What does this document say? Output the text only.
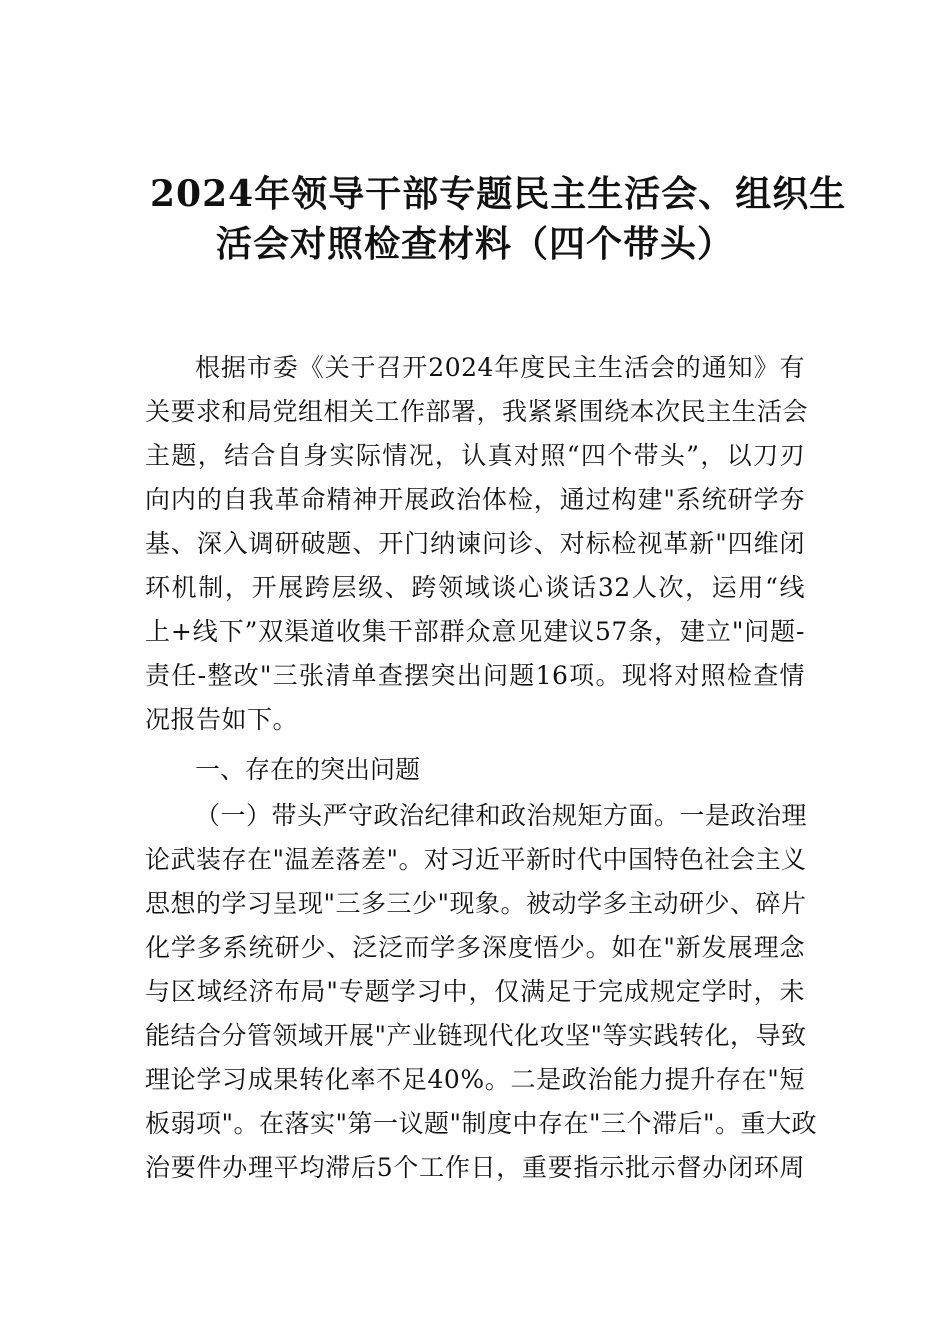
2024年领导干部专题民主生活会、组织生
活会对照检查材料（四个带头）
根据市委《关于召开2024年度民主生活会的通知》有
关要求和局党组相关工作部署，我紧紧围绕本次民主生活会
主题，结合自身实际情况，认真对照“四个带头”，以刀刃
向内的自我革命精神开展政治体检，通过构建"系统研学夯
基、深入调研破题、开门纳谏问诊、对标检视革新"四维闭
环机制，开展跨层级、跨领域谈心谈话32人次，运用“线
上+线下”双渠道收集干部群众意见建议57条，建立"问题-
责任-整改"三张清单查摆突出问题16项。现将对照检查情
况报告如下。
一、存在的突出问题
（一）带头严守政治纪律和政治规矩方面。一是政治理
论武装存在"温差落差"。对习近平新时代中国特色社会主义
思想的学习呈现"三多三少"现象。被动学多主动研少、碎片
化学多系统研少、泛泛而学多深度悟少。如在"新发展理念
与区域经济布局"专题学习中，仅满足于完成规定学时，未
能结合分管领域开展"产业链现代化攻坚"等实践转化，导致
理论学习成果转化率不足40%。二是政治能力提升存在"短
板弱项"。在落实"第一议题"制度中存在"三个滞后"。重大政
治要件办理平均滞后5个工作日，重要指示批示督办闭环周
